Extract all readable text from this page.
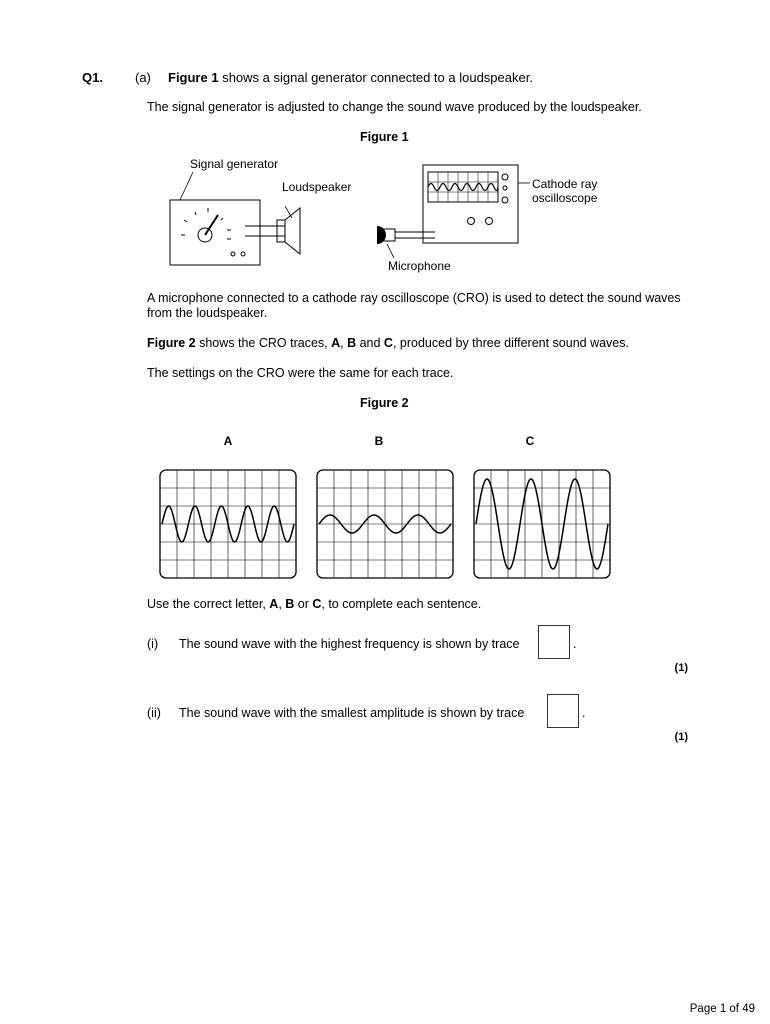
Q1. (a) Figure 1 shows a signal generator connected to a loudspeaker.
The signal generator is adjusted to change the sound wave produced by the loudspeaker.
Figure 1
Signal generator
Loudspeaker	Cathode ray
oscilloscope
Microphone
A microphone connected to a cathode ray oscilloscope (CRO) is used to detect the sound waves from the loudspeaker.
Figure 2 shows the CRO traces, A, B and C, produced by three different sound waves.
The settings on the CRO were the same for each trace.
Figure 2
A	B	C
Use the correct letter, A, B or C, to complete each sentence.
(i) The sound wave with the highest frequency is shown by trace	.
(1)
(ii) The sound wave with the smallest amplitude is shown by trace	.
(1)
Page 1 of 49
